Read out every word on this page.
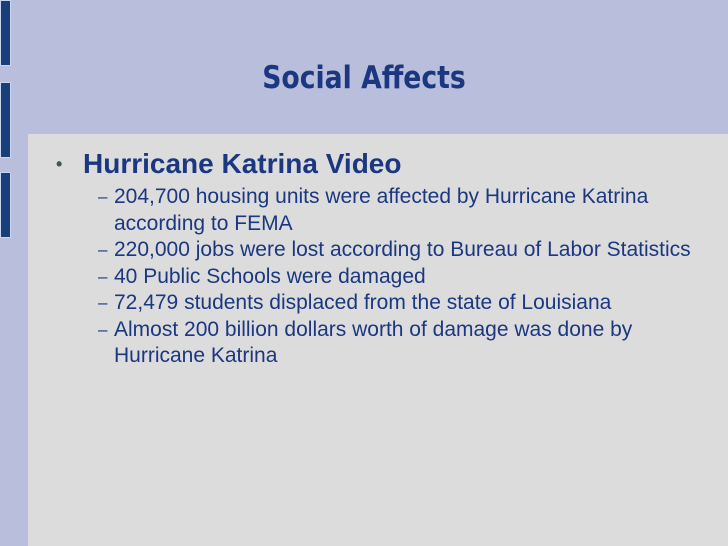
Social Affects
• Hurricane Katrina Video
– 204,700 housing units were affected by Hurricane Katrina according to FEMA
– 220,000 jobs were lost according to Bureau of Labor Statistics
– 40 Public Schools were damaged
– 72,479 students displaced from the state of Louisiana
– Almost 200 billion dollars worth of damage was done by Hurricane Katrina
